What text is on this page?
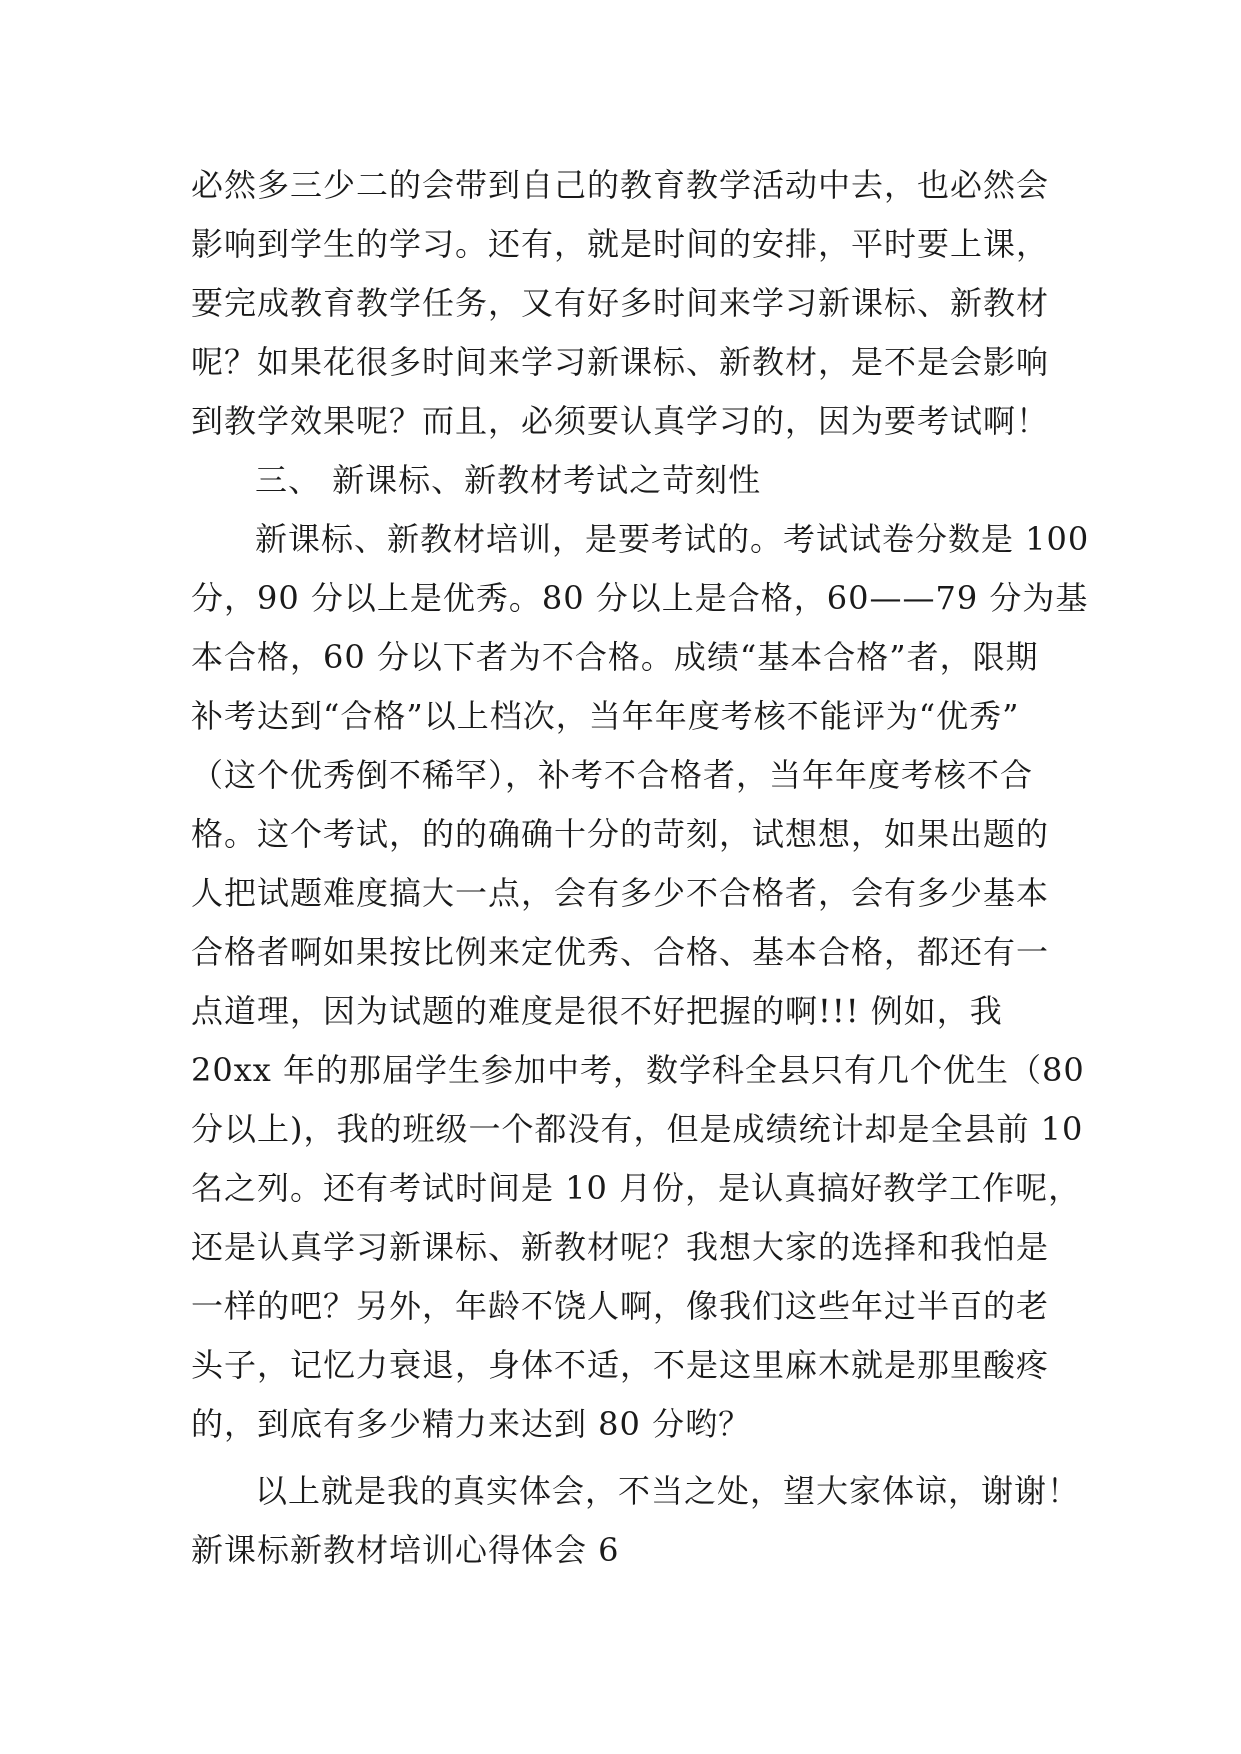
必然多三少二的会带到自己的教育教学活动中去，也必然会
影响到学生的学习。还有，就是时间的安排，平时要上课，
要完成教育教学任务，又有好多时间来学习新课标、新教材
呢？如果花很多时间来学习新课标、新教材，是不是会影响
到教学效果呢？而且，必须要认真学习的，因为要考试啊！
三、 新课标、新教材考试之苛刻性
新课标、新教材培训，是要考试的。考试试卷分数是 100
分，90 分以上是优秀。80 分以上是合格，60——79 分为基
本合格，60 分以下者为不合格。成绩“基本合格”者，限期
补考达到“合格”以上档次，当年年度考核不能评为“优秀”
（这个优秀倒不稀罕），补考不合格者，当年年度考核不合
格。这个考试，的的确确十分的苛刻，试想想，如果出题的
人把试题难度搞大一点，会有多少不合格者，会有多少基本
合格者啊如果按比例来定优秀、合格、基本合格，都还有一
点道理，因为试题的难度是很不好把握的啊!!! 例如，我
20xx 年的那届学生参加中考，数学科全县只有几个优生（80
分以上)，我的班级一个都没有，但是成绩统计却是全县前 10
名之列。还有考试时间是 10 月份，是认真搞好教学工作呢，
还是认真学习新课标、新教材呢？我想大家的选择和我怕是
一样的吧？另外，年龄不饶人啊，像我们这些年过半百的老
头子，记忆力衰退，身体不适，不是这里麻木就是那里酸疼
的，到底有多少精力来达到 80 分哟？
以上就是我的真实体会，不当之处，望大家体谅，谢谢！
新课标新教材培训心得体会 6
